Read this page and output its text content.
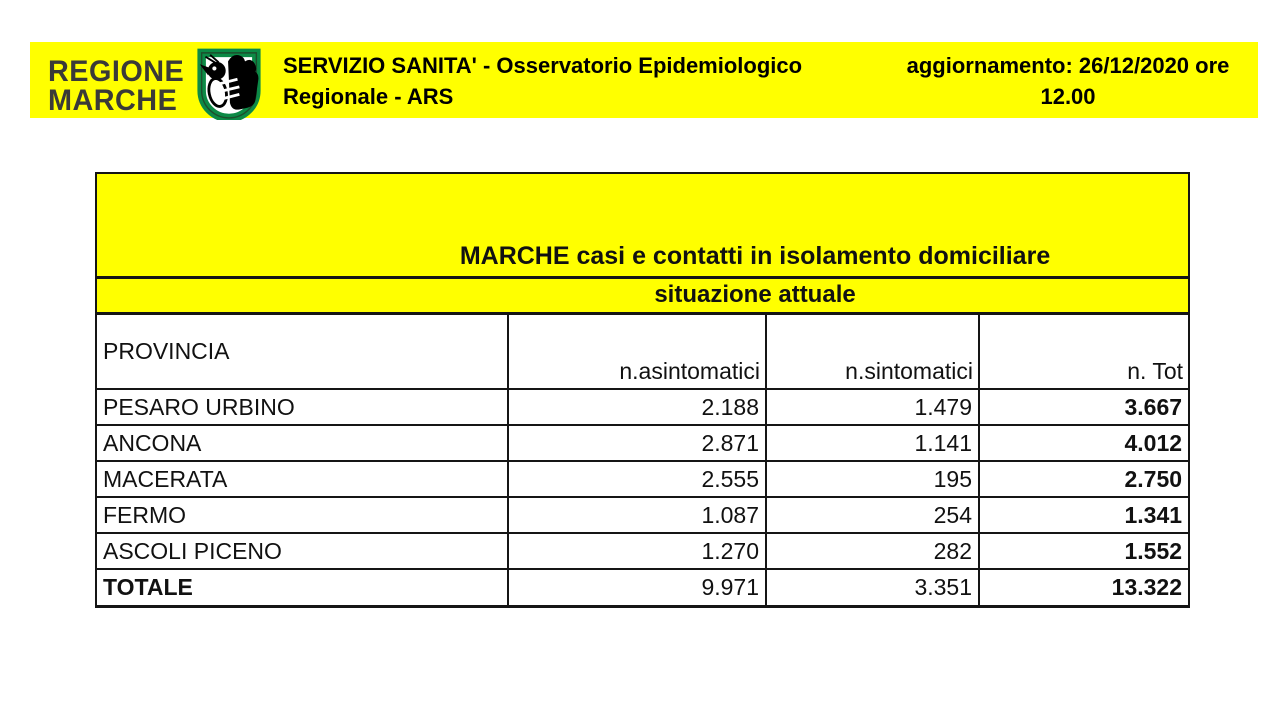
REGIONE
MARCHE
SERVIZIO SANITA' - Osservatorio Epidemiologico
Regionale - ARS
aggiornamento: 26/12/2020 ore
12.00
MARCHE casi e contatti in isolamento domiciliare			
situazione attuale			
PROVINCIA	n.asintomatici	n.sintomatici	n. Tot
PESARO URBINO	2.188	1.479	3.667
ANCONA	2.871	1.141	4.012
MACERATA	2.555	195	2.750
FERMO	1.087	254	1.341
ASCOLI PICENO	1.270	282	1.552
TOTALE	9.971	3.351	13.322
